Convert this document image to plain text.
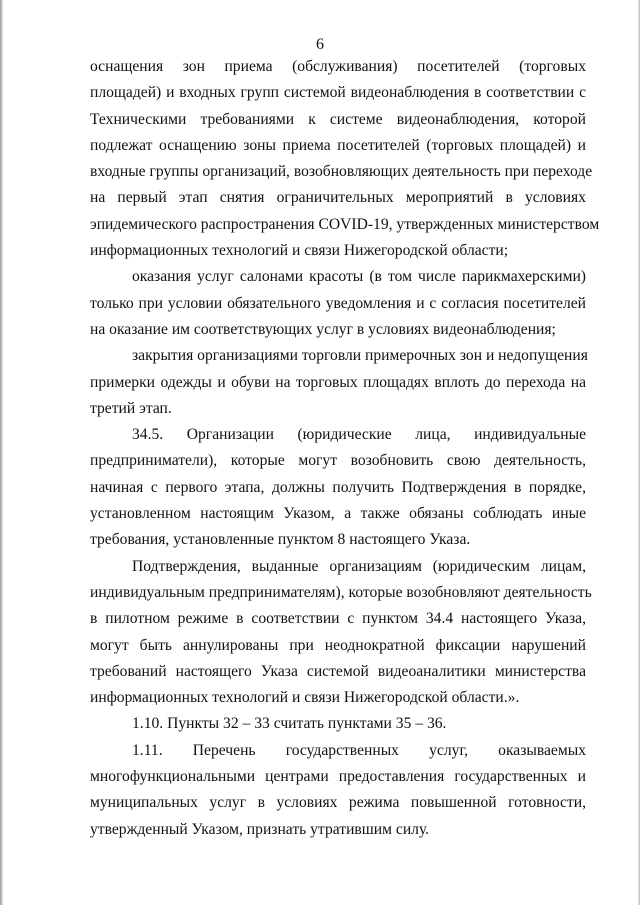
6
оснащения зон приема (обслуживания) посетителей (торговых
площадей) и входных групп системой видеонаблюдения в соответствии с
Техническими требованиями к системе видеонаблюдения, которой
подлежат оснащению зоны приема посетителей (торговых площадей) и
входные группы организаций, возобновляющих деятельность при переходе
на первый этап снятия ограничительных мероприятий в условиях
эпидемического распространения COVID-19, утвержденных министерством
информационных технологий и связи Нижегородской области;
оказания услуг салонами красоты (в том числе парикмахерскими)
только при условии обязательного уведомления и с согласия посетителей
на оказание им соответствующих услуг в условиях видеонаблюдения;
закрытия организациями торговли примерочных зон и недопущения
примерки одежды и обуви на торговых площадях вплоть до перехода на
третий этап.
34.5. Организации (юридические лица, индивидуальные
предприниматели), которые могут возобновить свою деятельность,
начиная с первого этапа, должны получить Подтверждения в порядке,
установленном настоящим Указом, а также обязаны соблюдать иные
требования, установленные пунктом 8 настоящего Указа.
Подтверждения, выданные организациям (юридическим лицам,
индивидуальным предпринимателям), которые возобновляют деятельность
в пилотном режиме в соответствии с пунктом 34.4 настоящего Указа,
могут быть аннулированы при неоднократной фиксации нарушений
требований настоящего Указа системой видеоаналитики министерства
информационных технологий и связи Нижегородской области.».
1.10. Пункты 32 – 33 считать пунктами 35 – 36.
1.11. Перечень государственных услуг, оказываемых
многофункциональными центрами предоставления государственных и
муниципальных услуг в условиях режима повышенной готовности,
утвержденный Указом, признать утратившим силу.
